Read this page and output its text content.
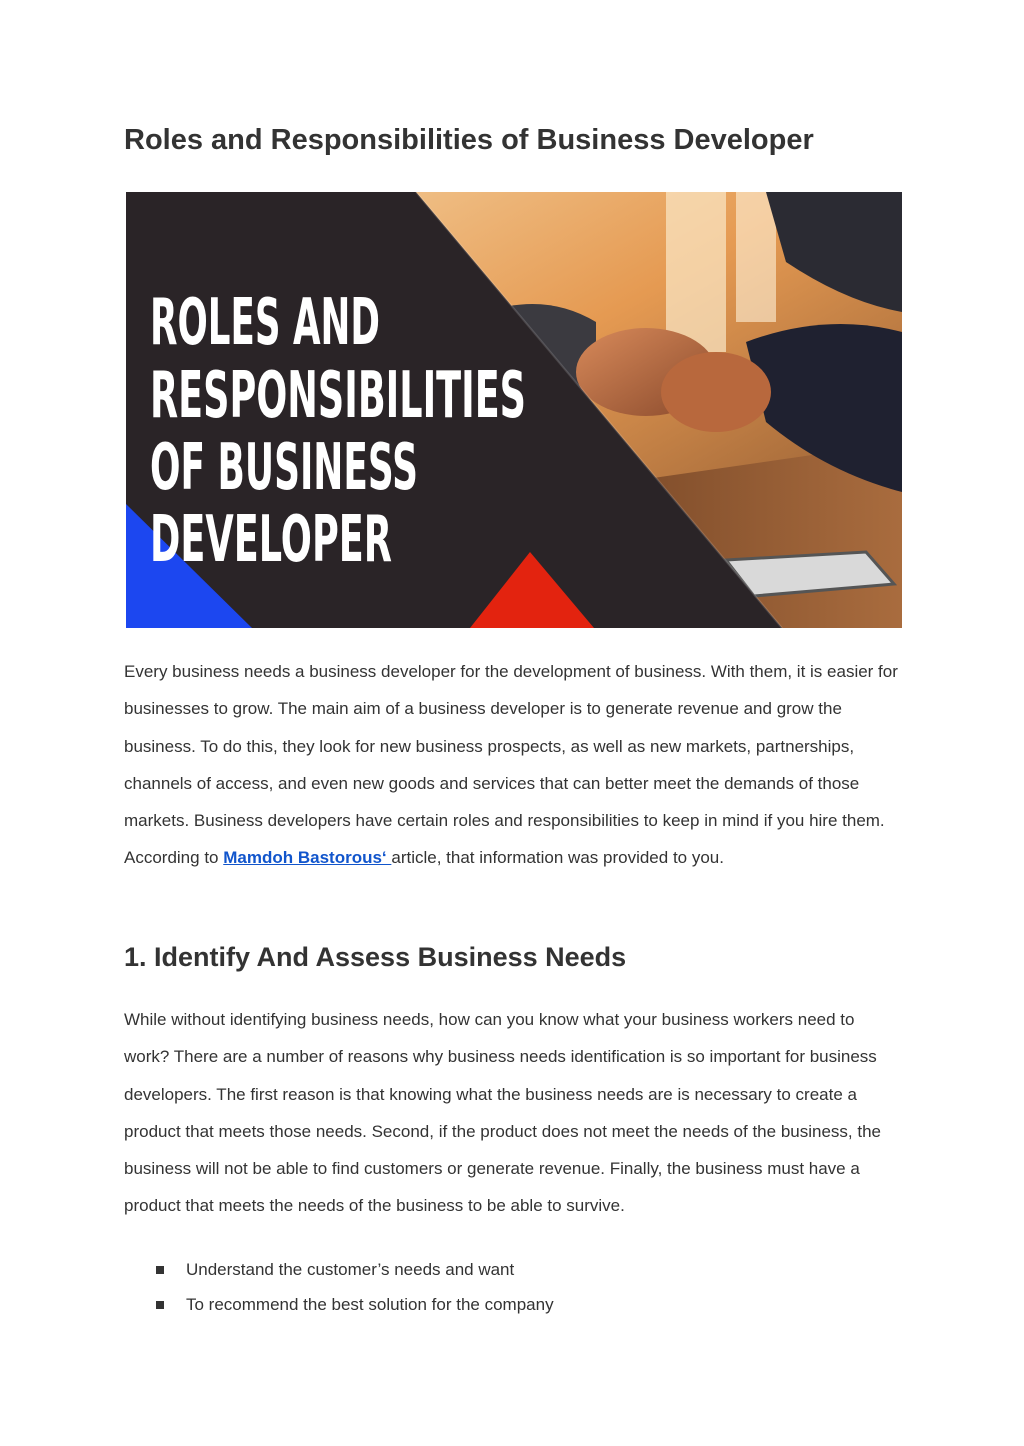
Roles and Responsibilities of Business Developer
ROLES AND
RESPONSIBILITIES
OF BUSINESS
DEVELOPER

Every business needs a business developer for the development of business. With them, it is easier for businesses to grow. The main aim of a business developer is to generate revenue and grow the business. To do this, they look for new business prospects, as well as new markets, partnerships, channels of access, and even new goods and services that can better meet the demands of those markets. Business developers have certain roles and responsibilities to keep in mind if you hire them. According to Mamdoh Bastorous‘ article, that information was provided to you.

1. Identify And Assess Business Needs

While without identifying business needs, how can you know what your business workers need to work? There are a number of reasons why business needs identification is so important for business developers. The first reason is that knowing what the business needs are is necessary to create a product that meets those needs. Second, if the product does not meet the needs of the business, the business will not be able to find customers or generate revenue. Finally, the business must have a product that meets the needs of the business to be able to survive.

Understand the customer’s needs and want
To recommend the best solution for the company
